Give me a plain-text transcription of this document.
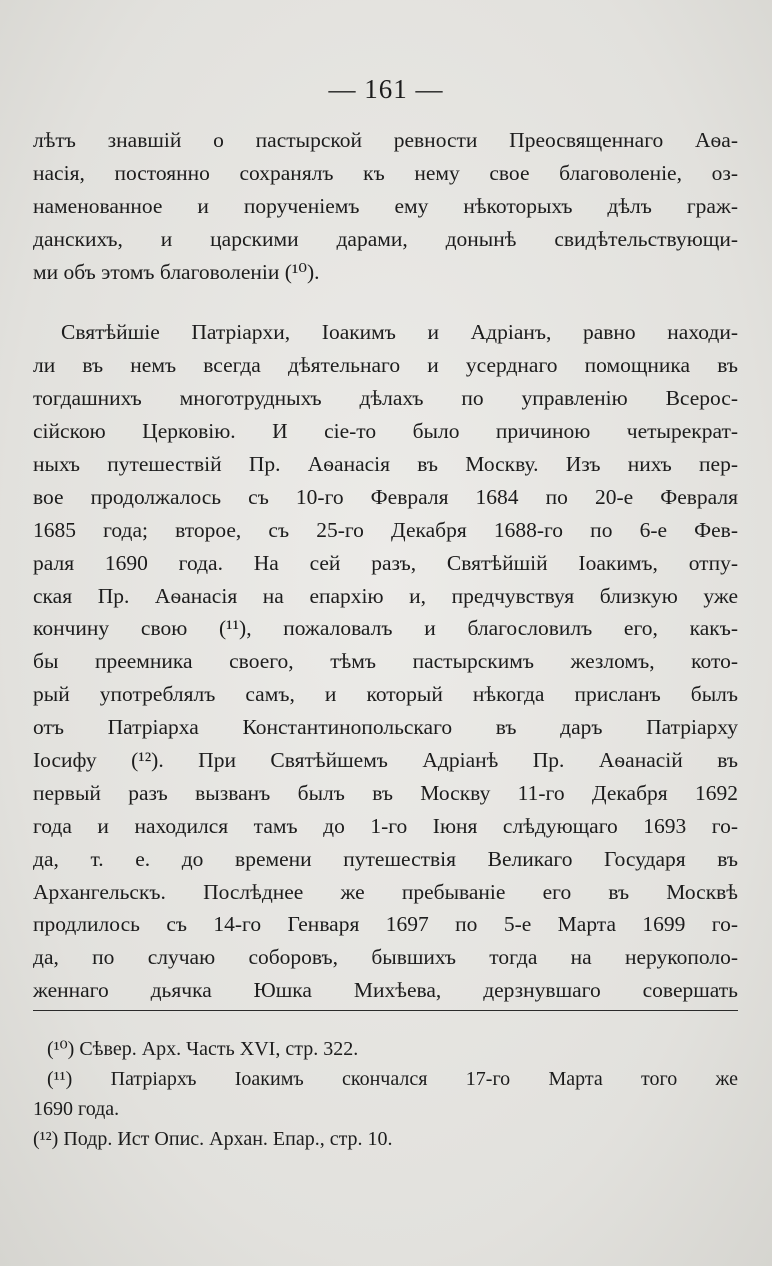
— 161 —
лѣтъ знавшій о пастырской ревности Преосвященнаго Аѳа-
насія, постоянно сохранялъ къ нему свое благоволеніе, оз-
наменованное и порученіемъ ему нѣкоторыхъ дѣлъ граж-
данскихъ, и царскими дарами, донынѣ свидѣтельствующи-
ми объ этомъ благоволеніи (¹⁰).
Святѣйшіе Патріархи, Іоакимъ и Адріанъ, равно находи-
ли въ немъ всегда дѣятельнаго и усерднаго помощника въ
тогдашнихъ многотрудныхъ дѣлахъ по управленію Всерос-
сійскою Церковію. И сіе-то было причиною четырекрат-
ныхъ путешествій Пр. Аѳанасія въ Москву. Изъ нихъ пер-
вое продолжалось съ 10-го Февраля 1684 по 20-е Февраля
1685 года; второе, съ 25-го Декабря 1688-го по 6-е Фев-
раля 1690 года. На сей разъ, Святѣйшій Іоакимъ, отпу-
ская Пр. Аѳанасія на епархію и, предчувствуя близкую уже
кончину свою (¹¹), пожаловалъ и благословилъ его, какъ-
бы преемника своего, тѣмъ пастырскимъ жезломъ, кото-
рый употреблялъ самъ, и который нѣкогда присланъ былъ
отъ Патріарха Константинопольскаго въ даръ Патріарху
Іосифу (¹²). При Святѣйшемъ Адріанѣ Пр. Аѳанасій въ
первый разъ вызванъ былъ въ Москву 11-го Декабря 1692
года и находился тамъ до 1-го Іюня слѣдующаго 1693 го-
да, т. е. до времени путешествія Великаго Государя въ
Архангельскъ. Послѣднее же пребываніе его въ Москвѣ
продлилось съ 14-го Генваря 1697 по 5-е Марта 1699 го-
да, по случаю соборовъ, бывшихъ тогда на нерукополо-
женнаго дьячка Юшка Михѣева, дерзнувшаго совершать
(¹⁰) Сѣвер. Арх. Часть XVI, стр. 322.
(¹¹) Патріархъ Іоакимъ скончался 17-го Марта того же
1690 года.
(¹²) Подр. Ист Опис. Архан. Епар., стр. 10.
